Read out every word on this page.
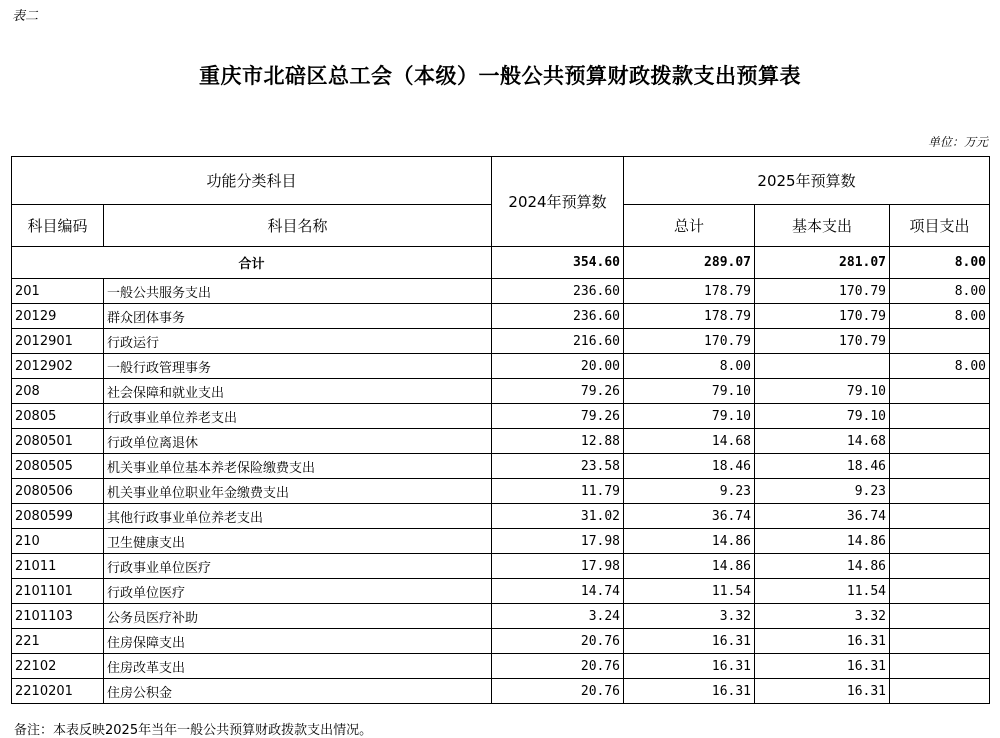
表二
重庆市北碚区总工会（本级）一般公共预算财政拨款支出预算表
单位：万元
功能分类科目		2024年预算数	2025年预算数		
科目编码	科目名称		总计	基本支出	项目支出
合计		354.60	289.07	281.07	8.00
201	一般公共服务支出	236.60	178.79	170.79	8.00
20129	群众团体事务	236.60	178.79	170.79	8.00
2012901	行政运行	216.60	170.79	170.79	
2012902	一般行政管理事务	20.00	8.00		8.00
208	社会保障和就业支出	79.26	79.10	79.10	
20805	行政事业单位养老支出	79.26	79.10	79.10	
2080501	行政单位离退休	12.88	14.68	14.68	
2080505	机关事业单位基本养老保险缴费支出	23.58	18.46	18.46	
2080506	机关事业单位职业年金缴费支出	11.79	9.23	9.23	
2080599	其他行政事业单位养老支出	31.02	36.74	36.74	
210	卫生健康支出	17.98	14.86	14.86	
21011	行政事业单位医疗	17.98	14.86	14.86	
2101101	行政单位医疗	14.74	11.54	11.54	
2101103	公务员医疗补助	3.24	3.32	3.32	
221	住房保障支出	20.76	16.31	16.31	
22102	住房改革支出	20.76	16.31	16.31	
2210201	住房公积金	20.76	16.31	16.31	
备注：本表反映2025年当年一般公共预算财政拨款支出情况。
